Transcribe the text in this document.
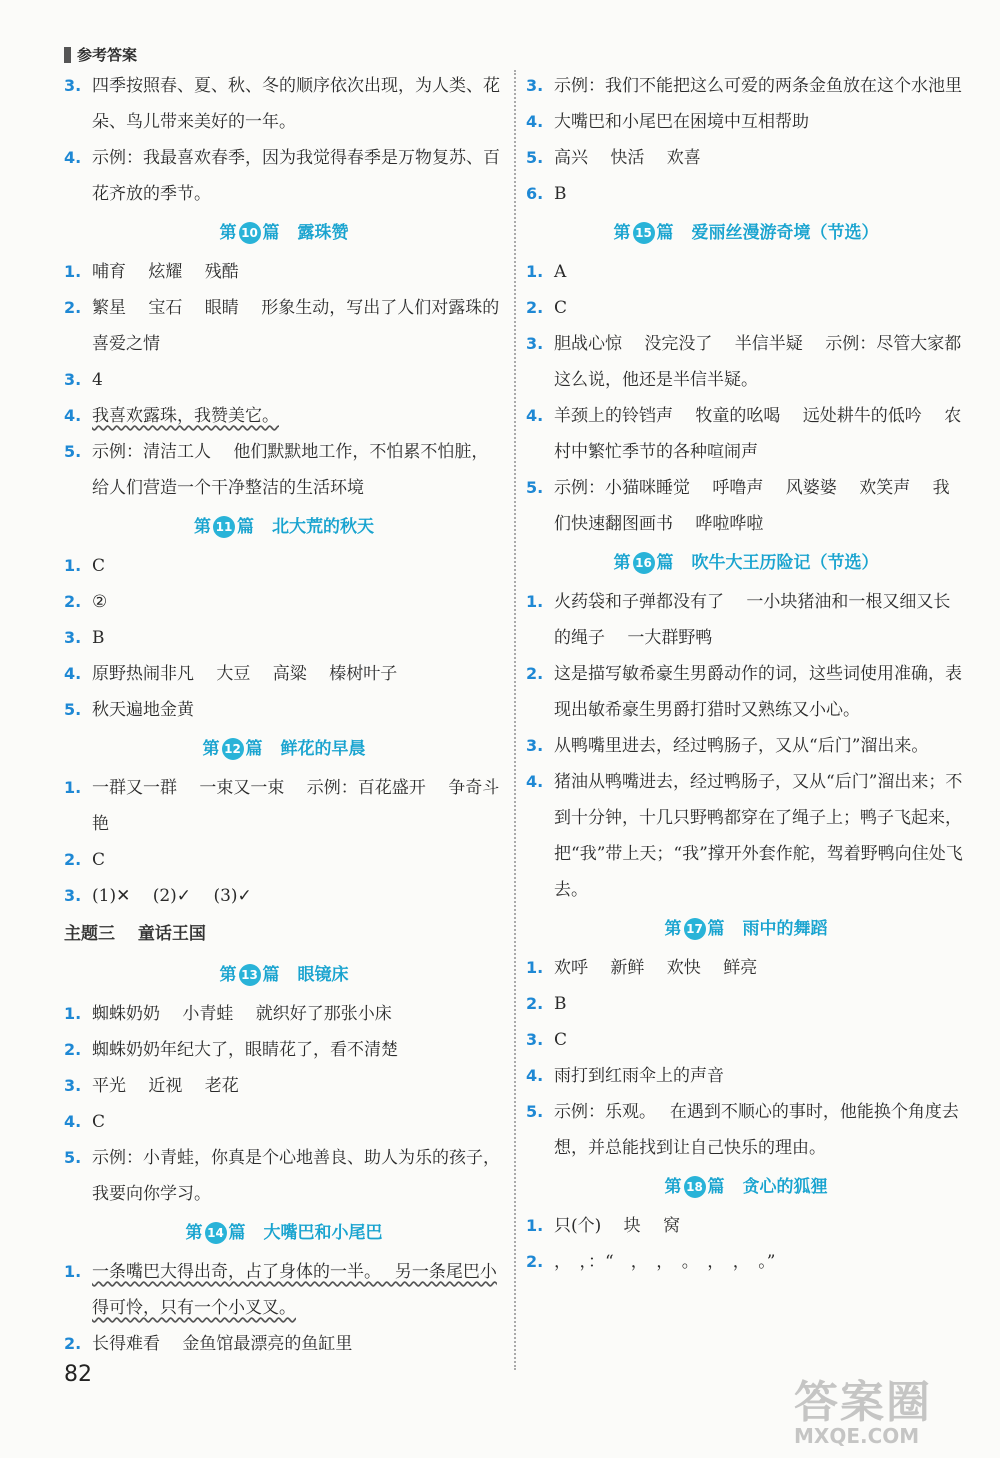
参考答案

3. 四季按照春、夏、秋、冬的顺序依次出现，为人类、花朵、鸟儿带来美好的一年。

4. 示例：我最喜欢春季，因为我觉得春季是万物复苏、百花齐放的季节。

第 10 篇 露珠赞

1. 哺育　 炫耀　 残酷

2. 繁星　 宝石　 眼睛　 形象生动，写出了人们对露珠的喜爱之情

3. 4

4. 我喜欢露珠，我赞美它。

5. 示例：清洁工人　 他们默默地工作，不怕累不怕脏，给人们营造一个干净整洁的生活环境

第 11 篇 北大荒的秋天

1. C

2. ②

3. B

4. 原野热闹非凡　 大豆　 高粱　 榛树叶子

5. 秋天遍地金黄

第 12 篇 鲜花的早晨

1. 一群又一群　 一束又一束　 示例：百花盛开　 争奇斗艳

2. C

3. (1)✕　 (2)✓　 (3)✓

主题三　 童话王国
第 13 篇 眼镜床

1. 蜘蛛奶奶　 小青蛙　 就织好了那张小床

2. 蜘蛛奶奶年纪大了，眼睛花了，看不清楚

3. 平光　 近视　 老花

4. C

5. 示例：小青蛙，你真是个心地善良、助人为乐的孩子，我要向你学习。

第 14 篇 大嘴巴和小尾巴

1. 一条嘴巴大得出奇，占了身体的一半。　 另一条尾巴小得可怜，只有一个小叉叉。

2. 长得难看　 金鱼馆最漂亮的鱼缸里

3. 示例：我们不能把这么可爱的两条金鱼放在这个水池里

4. 大嘴巴和小尾巴在困境中互相帮助

5. 高兴　 快活　 欢喜

6. B

第 15 篇 爱丽丝漫游奇境（节选）

1. A

2. C

3. 胆战心惊　 没完没了　 半信半疑　 示例：尽管大家都这么说，他还是半信半疑。

4. 羊颈上的铃铛声　 牧童的吆喝　 远处耕牛的低吟　 农村中繁忙季节的各种喧闹声

5. 示例：小猫咪睡觉　 呼噜声　 风婆婆　 欢笑声　 我们快速翻图画书　 哗啦哗啦

第 16 篇 吹牛大王历险记（节选）

1. 火药袋和子弹都没有了　 一小块猪油和一根又细又长的绳子　 一大群野鸭

2. 这是描写敏希豪生男爵动作的词，这些词使用准确，表现出敏希豪生男爵打猎时又熟练又小心。

3. 从鸭嘴里进去，经过鸭肠子，又从“后门”溜出来。

4. 猪油从鸭嘴进去，经过鸭肠子，又从“后门”溜出来；不到十分钟，十几只野鸭都穿在了绳子上；鸭子飞起来，把“我”带上天；“我”撑开外套作舵，驾着野鸭向住处飞去。

第 17 篇 雨中的舞蹈

1. 欢呼　 新鲜　 欢快　 鲜亮

2. B

3. C

4. 雨打到红雨伞上的声音

5. 示例：乐观。　 在遇到不顺心的事时，他能换个角度去想，并总能找到让自己快乐的理由。

第 18 篇 贪心的狐狸

1. 只(个)　 块　 窝

2. ，　，：“　，　，　。　，　，　。”

82
答案圈
MXQE.COM
